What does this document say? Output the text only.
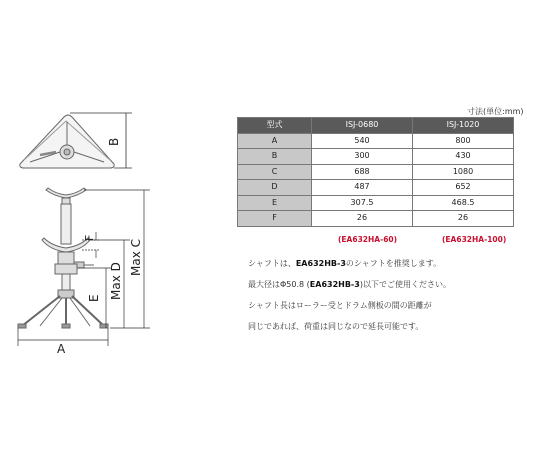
B
Max C
Max D
E
F
A
寸法(単位:mm)
型式	ISJ-0680	ISJ-1020
A	540	800
B	300	430
C	688	1080
D	487	652
E	307.5	468.5
F	26	26
(EA632HA-60)	(EA632HA-100)
シャフトは、EA632HB-3のシャフトを推奨します。
最大径はΦ50.8 (EA632HB-3)以下でご使用ください。
シャフト長はローラー受とドラム側板の間の距離が
同じであれば、荷重は同じなので延長可能です。
